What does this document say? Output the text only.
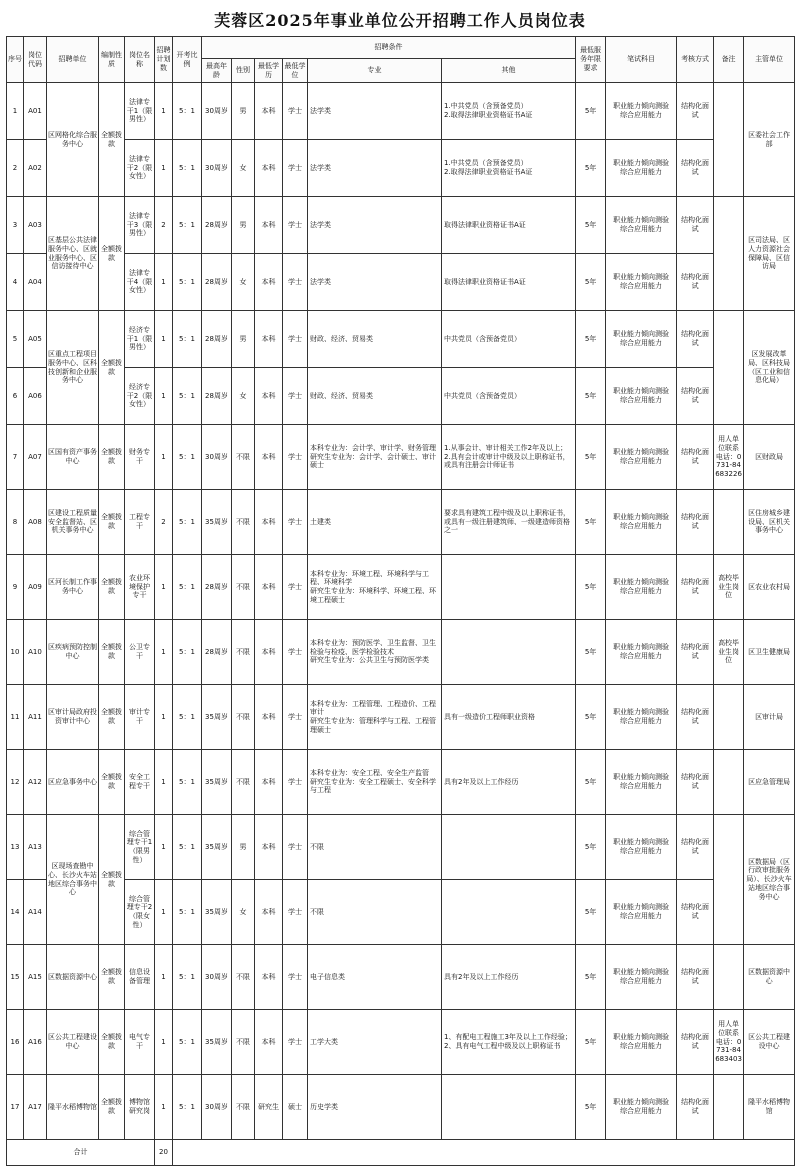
芙蓉区2025年事业单位公开招聘工作人员岗位表
序号	岗位代码	招聘单位	编制性质	岗位名称	招聘计划数	开考比例	招聘条件						最低服务年限要求	笔试科目	考核方式	备注	主管单位
							最高年龄	性别	最低学历	最低学位	专业	其他					
1	A01	区网格化综合服务中心	全额拨款	法律专干1（限男性）	1	5：1	30周岁	男	本科	学士	法学类	1.中共党员（含预备党员）
2.取得法律职业资格证书A证	5年	职业能力倾向测验
综合应用能力	结构化面试		区委社会工作部
2	A02			法律专干2（限女性）	1	5：1	30周岁	女	本科	学士	法学类	1.中共党员（含预备党员）
2.取得法律职业资格证书A证	5年	职业能力倾向测验
综合应用能力	结构化面试		
3	A03	区基层公共法律服务中心、区就业服务中心、区信访接待中心	全额拨款	法律专干3（限男性）	2	5：1	28周岁	男	本科	学士	法学类	取得法律职业资格证书A证	5年	职业能力倾向测验
综合应用能力	结构化面试		区司法局、区人力资源社会保障局、区信访局
4	A04			法律专干4（限女性）	1	5：1	28周岁	女	本科	学士	法学类	取得法律职业资格证书A证	5年	职业能力倾向测验
综合应用能力	结构化面试		
5	A05	区重点工程项目服务中心、区科技创新和企业服务中心	全额拨款	经济专干1（限男性）	1	5：1	28周岁	男	本科	学士	财政、经济、贸易类	中共党员（含预备党员）	5年	职业能力倾向测验
综合应用能力	结构化面试		区发展改革局、区科技局（区工业和信息化局）
6	A06			经济专干2（限女性）	1	5：1	28周岁	女	本科	学士	财政、经济、贸易类	中共党员（含预备党员）	5年	职业能力倾向测验
综合应用能力	结构化面试		
7	A07	区国有资产事务中心	全额拨款	财务专干	1	5：1	30周岁	不限	本科	学士	本科专业为：会计学、审计学、财务管理
研究生专业为：会计学、会计硕士、审计硕士	1.从事会计、审计相关工作2年及以上；
2.具有会计或审计中级及以上职称证书，或具有注册会计师证书	5年	职业能力倾向测验
综合应用能力	结构化面试	用人单位联系电话：0731-84683226	区财政局
8	A08	区建设工程质量安全监督站、区机关事务中心	全额拨款	工程专干	2	5：1	35周岁	不限	本科	学士	土建类	要求具有建筑工程中级及以上职称证书，或具有一级注册建筑师、一级建造师资格之一	5年	职业能力倾向测验
综合应用能力	结构化面试		区住房城乡建设局、区机关事务中心
9	A09	区河长制工作事务中心	全额拨款	农业环境保护专干	1	5：1	28周岁	不限	本科	学士	本科专业为：环境工程、环境科学与工程、环境科学
研究生专业为：环境科学、环境工程、环境工程硕士		5年	职业能力倾向测验
综合应用能力	结构化面试	高校毕业生岗位	区农业农村局
10	A10	区疾病预防控制中心	全额拨款	公卫专干	1	5：1	28周岁	不限	本科	学士	本科专业为：预防医学、卫生监督、卫生检验与检疫、医学检验技术
研究生专业为：公共卫生与预防医学类		5年	职业能力倾向测验
综合应用能力	结构化面试	高校毕业生岗位	区卫生健康局
11	A11	区审计局政府投资审计中心	全额拨款	审计专干	1	5：1	35周岁	不限	本科	学士	本科专业为：工程管理、工程造价、工程审计
研究生专业为：管理科学与工程、工程管理硕士	具有一级造价工程师职业资格	5年	职业能力倾向测验
综合应用能力	结构化面试		区审计局
12	A12	区应急事务中心	全额拨款	安全工程专干	1	5：1	35周岁	不限	本科	学士	本科专业为：安全工程、安全生产监管
研究生专业为：安全工程硕士、安全科学与工程	具有2年及以上工作经历	5年	职业能力倾向测验
综合应用能力	结构化面试		区应急管理局
13	A13	区现场查勘中心、长沙火车站地区综合事务中心	全额拨款	综合管理专干1（限男性）	1	5：1	35周岁	男	本科	学士	不限		5年	职业能力倾向测验
综合应用能力	结构化面试		区数据局（区行政审批服务局）、长沙火车站地区综合事务中心
14	A14			综合管理专干2（限女性）	1	5：1	35周岁	女	本科	学士	不限		5年	职业能力倾向测验
综合应用能力	结构化面试		
15	A15	区数据资源中心	全额拨款	信息设备管理	1	5：1	30周岁	不限	本科	学士	电子信息类	具有2年及以上工作经历	5年	职业能力倾向测验
综合应用能力	结构化面试		区数据资源中心
16	A16	区公共工程建设中心	全额拨款	电气专干	1	5：1	35周岁	不限	本科	学士	工学大类	1、有配电工程施工3年及以上工作经验；
2、具有电气工程中级及以上职称证书	5年	职业能力倾向测验
综合应用能力	结构化面试	用人单位联系电话：0731-84683403	区公共工程建设中心
17	A17	隆平水稻博物馆	全额拨款	博物馆研究岗	1	5：1	30周岁	不限	研究生	硕士	历史学类		5年	职业能力倾向测验
综合应用能力	结构化面试		隆平水稻博物馆
合计					20												
